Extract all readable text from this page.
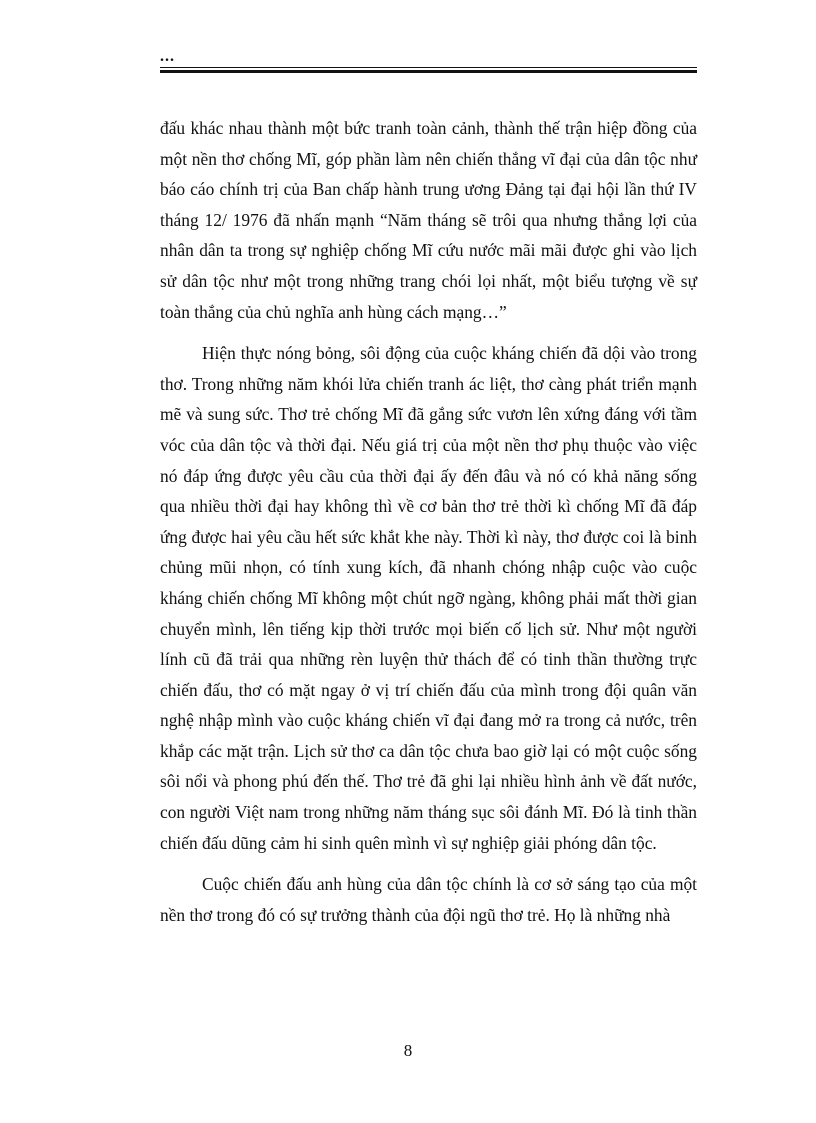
...

đấu khác nhau thành một bức tranh toàn cảnh, thành thế trận hiệp đồng của một nền thơ chống Mĩ, góp phần làm nên chiến thắng vĩ đại của dân tộc như báo cáo chính trị của Ban chấp hành trung ương Đảng tại đại hội lần thứ IV tháng 12/ 1976 đã nhấn mạnh “Năm tháng sẽ trôi qua nhưng thắng lợi của nhân dân ta trong sự nghiệp chống Mĩ cứu nước mãi mãi được ghi vào lịch sử dân tộc như một trong những trang chói lọi nhất, một biểu tượng về sự toàn thắng của chủ nghĩa anh hùng cách mạng…”

Hiện thực nóng bỏng, sôi động của cuộc kháng chiến đã dội vào trong thơ. Trong những năm khói lửa chiến tranh ác liệt, thơ càng phát triển mạnh mẽ và sung sức. Thơ trẻ chống Mĩ đã gắng sức vươn lên xứng đáng với tầm vóc của dân tộc và thời đại. Nếu giá trị của một nền thơ phụ thuộc vào việc nó đáp ứng được yêu cầu của thời đại ấy đến đâu và nó có khả năng sống qua nhiều thời đại hay không thì về cơ bản thơ trẻ thời kì chống Mĩ đã đáp ứng được hai yêu cầu hết sức khắt khe này. Thời kì này, thơ được coi là binh chủng mũi nhọn, có tính xung kích, đã nhanh chóng nhập cuộc vào cuộc kháng chiến chống Mĩ không một chút ngỡ ngàng, không phải mất thời gian chuyển mình, lên tiếng kịp thời trước mọi biến cố lịch sử. Như một người lính cũ đã trải qua những rèn luyện thử thách để có tinh thần thường trực chiến đấu, thơ có mặt ngay ở vị trí chiến đấu của mình trong đội quân văn nghệ nhập mình vào cuộc kháng chiến vĩ đại đang mở ra trong cả nước, trên khắp các mặt trận. Lịch sử thơ ca dân tộc chưa bao giờ lại có một cuộc sống sôi nổi và phong phú đến thế. Thơ trẻ đã ghi lại nhiều hình ảnh về đất nước, con người Việt nam trong những năm tháng sục sôi đánh Mĩ. Đó là tinh thần chiến đấu dũng cảm hi sinh quên mình vì sự nghiệp giải phóng dân tộc.

Cuộc chiến đấu anh hùng của dân tộc chính là cơ sở sáng tạo của một nền thơ trong đó có sự trưởng thành của đội ngũ thơ trẻ. Họ là những nhà

8
